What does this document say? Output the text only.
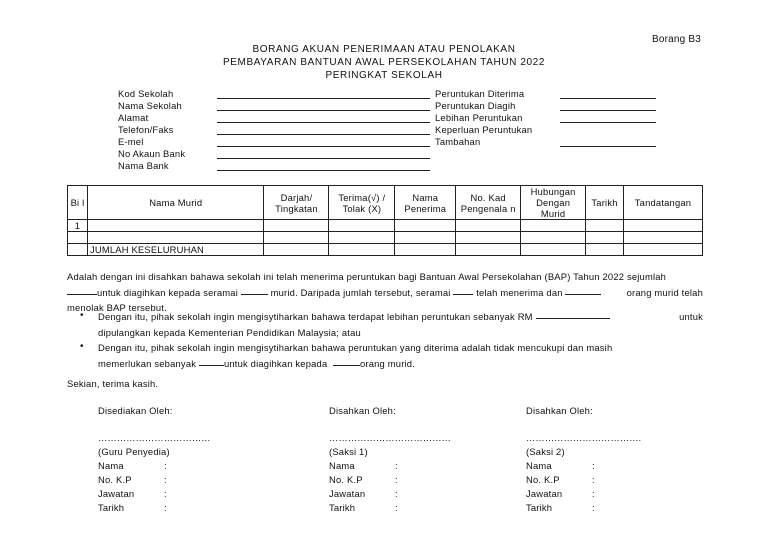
Borang B3
BORANG AKUAN PENERIMAAN ATAU PENOLAKAN
PEMBAYARAN BANTUAN AWAL PERSEKOLAHAN TAHUN 2022
PERINGKAT SEKOLAH
Kod Sekolah
Nama Sekolah
Alamat
Telefon/Faks
E-mel
No Akaun Bank
Nama Bank
Peruntukan Diterima
Peruntukan Diagih
Lebihan Peruntukan
Keperluan Peruntukan
Tambahan
Bi l	Nama Murid	Darjah/ Tingkatan	Terima(√) / Tolak (X)	Nama Penerima	No. Kad Pengenala n	Hubungan Dengan Murid	Tarikh	Tandatangan
1								

	JUMLAH KESELURUHAN							
Adalah dengan ini disahkan bahawa sekolah ini telah menerima peruntukan bagi Bantuan Awal Persekolahan (BAP) Tahun 2022 sejumlah
untuk diagihkan kepada seramai

	murid. Daripada jumlah tersebut, seramai

	telah menerima dan

	orang murid telah
menolak BAP tersebut.
• Dengan itu, pihak sekolah ingin mengisytiharkan bahawa terdapat lebihan peruntukan sebanyak RM
	untuk
dipulangkan kepada Kementerian Pendidikan Malaysia; atau
• Dengan itu, pihak sekolah ingin mengisytiharkan bahawa peruntukan yang diterima adalah tidak mencukupi dan masih
memerlukan sebanyak
	untuk diagihkan kepada
	orang murid.
Sekian, terima kasih.
Disediakan Oleh:
………………………………
(Guru Penyedia)
Nama	:
No. K.P	:
Jawatan	:
Tarikh	:
Disahkan Oleh:
…………………………………
(Saksi 1)
Nama	:
No. K.P	:
Jawatan	:
Tarikh	:
Disahkan Oleh:
……………………………….
(Saksi 2)
Nama	:
No. K.P	:
Jawatan	:
Tarikh	:
